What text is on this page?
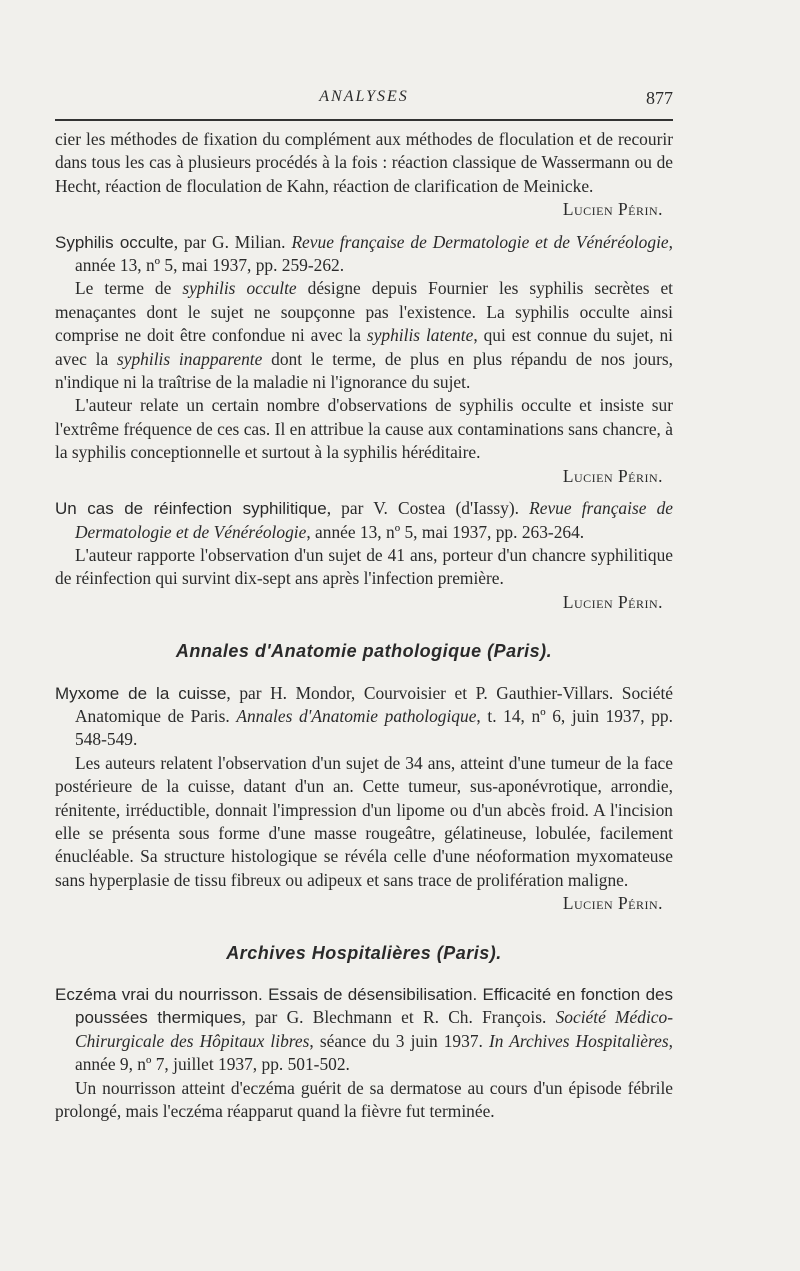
ANALYSES	877

cier les méthodes de fixation du complément aux méthodes de floculation et de recourir dans tous les cas à plusieurs procédés à la fois : réaction classique de Wassermann ou de Hecht, réaction de floculation de Kahn, réaction de clarification de Meinicke.

Lucien Périn.

Syphilis occulte, par G. Milian. Revue française de Dermatologie et de Vénéréologie, année 13, nº 5, mai 1937, pp. 259-262.

Le terme de syphilis occulte désigne depuis Fournier les syphilis secrètes et menaçantes dont le sujet ne soupçonne pas l'existence. La syphilis occulte ainsi comprise ne doit être confondue ni avec la syphilis latente, qui est connue du sujet, ni avec la syphilis inapparente dont le terme, de plus en plus répandu de nos jours, n'indique ni la traîtrise de la maladie ni l'ignorance du sujet.

L'auteur relate un certain nombre d'observations de syphilis occulte et insiste sur l'extrême fréquence de ces cas. Il en attribue la cause aux contaminations sans chancre, à la syphilis conceptionnelle et surtout à la syphilis héréditaire.

Lucien Périn.

Un cas de réinfection syphilitique, par V. Costea (d'Iassy). Revue française de Dermatologie et de Vénéréologie, année 13, nº 5, mai 1937, pp. 263-264.

L'auteur rapporte l'observation d'un sujet de 41 ans, porteur d'un chancre syphilitique de réinfection qui survint dix-sept ans après l'infection première.

Lucien Périn.

Annales d'Anatomie pathologique (Paris).

Myxome de la cuisse, par H. Mondor, Courvoisier et P. Gauthier-Villars. Société Anatomique de Paris. Annales d'Anatomie pathologique, t. 14, nº 6, juin 1937, pp. 548-549.

Les auteurs relatent l'observation d'un sujet de 34 ans, atteint d'une tumeur de la face postérieure de la cuisse, datant d'un an. Cette tumeur, sus-aponévrotique, arrondie, rénitente, irréductible, donnait l'impression d'un lipome ou d'un abcès froid. A l'incision elle se présenta sous forme d'une masse rougeâtre, gélatineuse, lobulée, facilement énucléable. Sa structure histologique se révéla celle d'une néoformation myxomateuse sans hyperplasie de tissu fibreux ou adipeux et sans trace de prolifération maligne.

Lucien Périn.

Archives Hospitalières (Paris).

Eczéma vrai du nourrisson. Essais de désensibilisation. Efficacité en fonction des poussées thermiques, par G. Blechmann et R. Ch. François. Société Médico-Chirurgicale des Hôpitaux libres, séance du 3 juin 1937. In Archives Hospitalières, année 9, nº 7, juillet 1937, pp. 501-502.

Un nourrisson atteint d'eczéma guérit de sa dermatose au cours d'un épisode fébrile prolongé, mais l'eczéma réapparut quand la fièvre fut terminée.
